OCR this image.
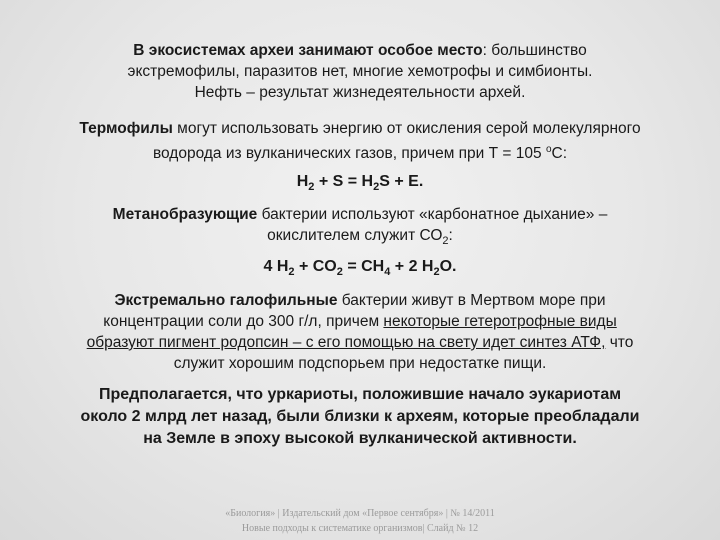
В экосистемах археи занимают особое место: большинство
экстремофилы, паразитов нет, многие хемотрофы и симбионты.
Нефть – результат жизнедеятельности архей.

Термофилы могут использовать энергию от окисления серой молекулярного
водорода из вулканических газов, причем при Т = 105 $^о$С:

$H_2 + S = H_2S + E$.

Метанобразующие бактерии используют «карбонатное дыхание» –
окислителем служит $СО_2$:

4 $H_2 + CO_2 = CH_4 + 2$ $H_2O$.

Экстремально галофильные бактерии живут в Мертвом море при
концентрации соли до 300 г/л, причем некоторые гетеротрофные виды
образуют пигмент родопсин – с его помощью на свету идет синтез АТФ, что
служит хорошим подспорьем при недостатке пищи.

Предполагается, что уркариоты, положившие начало эукариотам
около 2 млрд лет назад, были близки к археям, которые преобладали
на Земле в эпоху высокой вулканической активности.

«Биология» | Издательский дом «Первое сентября» | № 14/2011
Новые подходы к систематике организмов| Слайд № 12
